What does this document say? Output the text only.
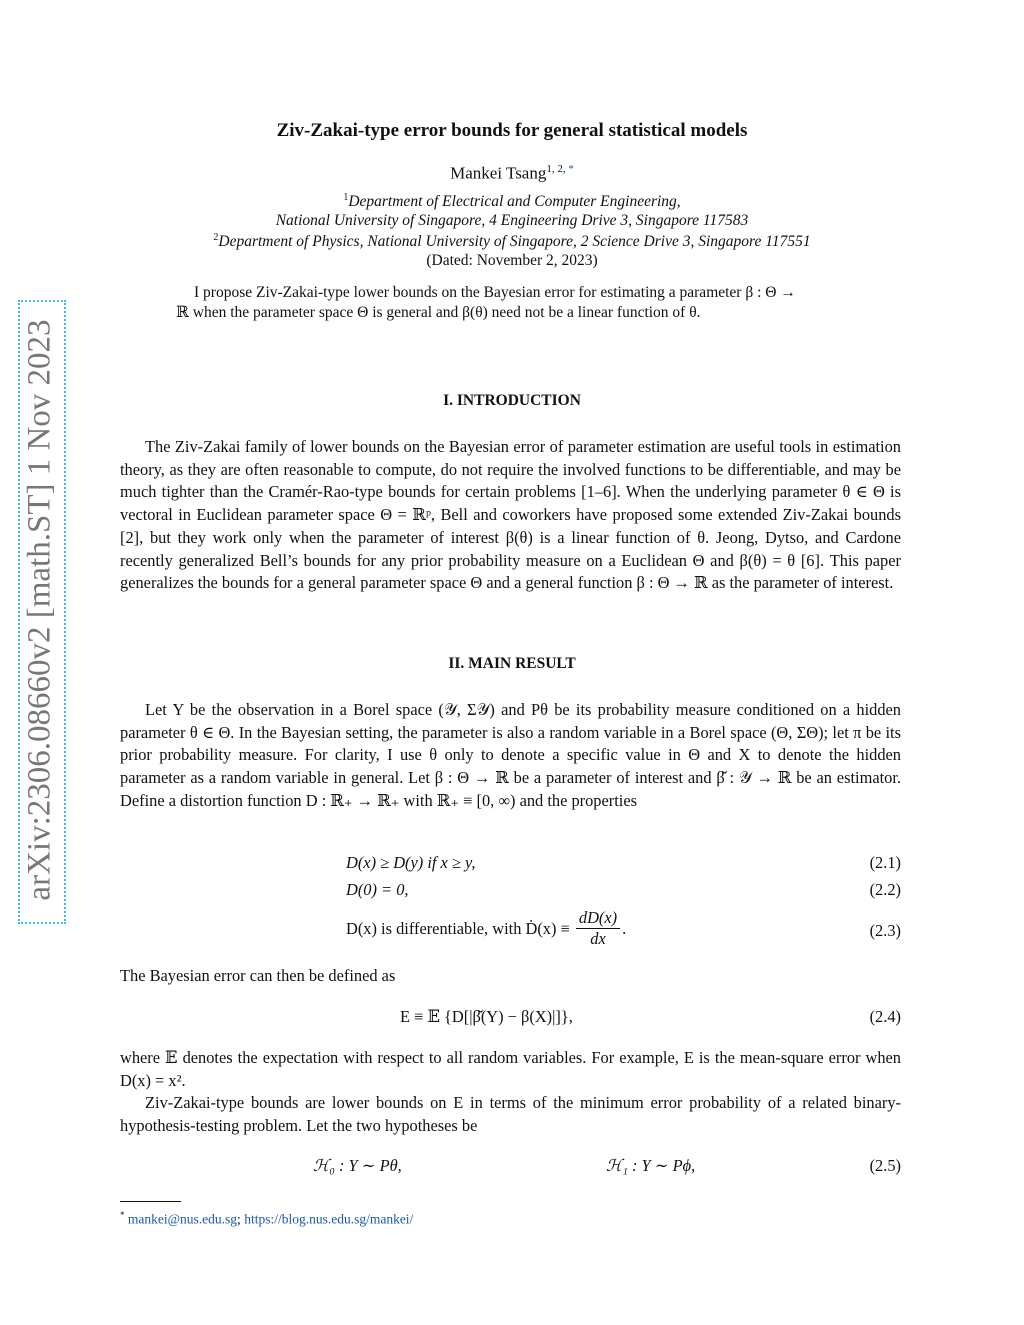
arXiv:2306.08660v2 [math.ST] 1 Nov 2023
Ziv-Zakai-type error bounds for general statistical models
Mankei Tsang$^{1, 2,}$ *
$^1$Department of Electrical and Computer Engineering,
National University of Singapore, 4 Engineering Drive 3, Singapore 117583
$^2$Department of Physics, National University of Singapore, 2 Science Drive 3, Singapore 117551
(Dated: November 2, 2023)

I propose Ziv-Zakai-type lower bounds on the Bayesian error for estimating a parameter β : Θ →

ℝ when the parameter space Θ is general and β(θ) need not be a linear function of θ.
I. INTRODUCTION

The Ziv-Zakai family of lower bounds on the Bayesian error of parameter estimation are useful tools in estimation theory, as they are often reasonable to compute, do not require the involved functions to be differentiable, and may be much tighter than the Cramér-Rao-type bounds for certain problems [1–6]. When the underlying parameter θ ∈ Θ is vectoral in Euclidean parameter space Θ = ℝᵖ, Bell and coworkers have proposed some extended Ziv-Zakai bounds [2], but they work only when the parameter of interest β(θ) is a linear function of θ. Jeong, Dytso, and Cardone recently generalized Bell’s bounds for any prior probability measure on a Euclidean Θ and β(θ) = θ [6]. This paper generalizes the bounds for a general parameter space Θ and a general function β : Θ → ℝ as the parameter of interest.

II. MAIN RESULT

Let Y be the observation in a Borel space (𝒴, Σ𝒴) and Pθ be its probability measure conditioned on a hidden parameter θ ∈ Θ. In the Bayesian setting, the parameter is also a random variable in a Borel space (Θ, ΣΘ); let π be its prior probability measure. For clarity, I use θ only to denote a specific value in Θ and X to denote the hidden parameter as a random variable in general. Let β : Θ → ℝ be a parameter of interest and β̌ : 𝒴 → ℝ be an estimator. Define a distortion function D : ℝ₊ → ℝ₊ with ℝ₊ ≡ [0, ∞) and the properties

D(x) ≥ D(y) if x ≥ y,	(2.1)
D(0) = 0,	(2.2)
D(x) is differentiable, with Ḋ(x) ≡ $\frac{dD(x)}{dx}$ .	(2.3)
The Bayesian error can then be defined as
E ≡ 𝔼 {D[|β̌(Y) − β(X)|]},	(2.4)

where 𝔼 denotes the expectation with respect to all random variables. For example, E is the mean-square error when D(x) = x².

Ziv-Zakai-type bounds are lower bounds on E in terms of the minimum error probability of a related binary-hypothesis-testing problem. Let the two hypotheses be

ℋ₀ : Y ∼ Pθ,	ℋ₁ : Y ∼ Pϕ,	(2.5)
* mankei@nus.edu.sg; https://blog.nus.edu.sg/mankei/
